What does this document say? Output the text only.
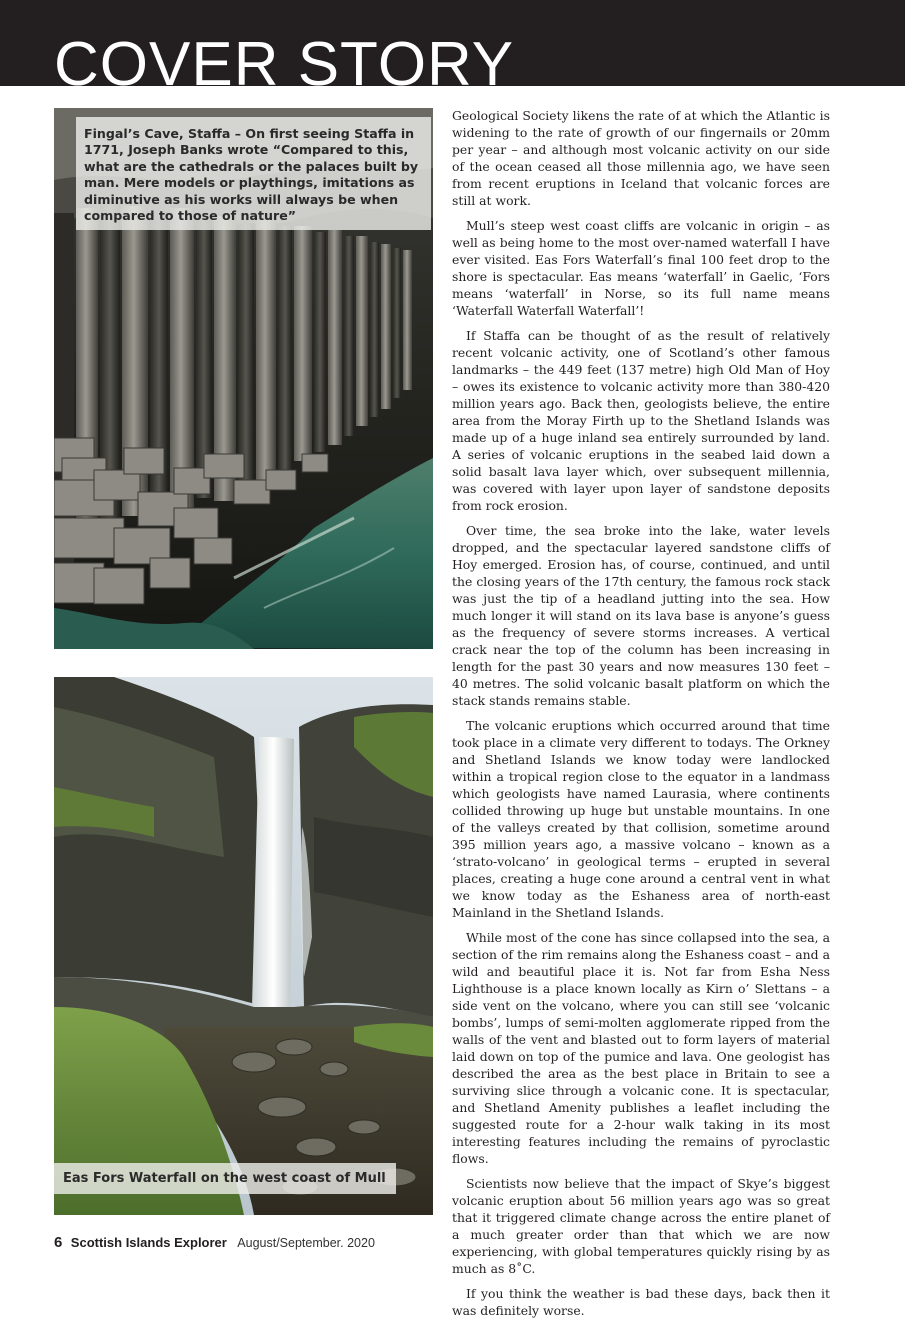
COVER STORY
Fingal’s Cave, Staffa – On first seeing Staffa in 1771, Joseph Banks wrote “Compared to this, what are the cathedrals or the palaces built by man. Mere models or playthings, imitations as diminutive as his works will always be when compared to those of nature”
Eas Fors Waterfall on the west coast of Mull

Geological Society likens the rate of at which the Atlantic is widening to the rate of growth of our fingernails or 20mm per year – and although most volcanic activity on our side of the ocean ceased all those millennia ago, we have seen from recent eruptions in Iceland that volcanic forces are still at work.

Mull’s steep west coast cliffs are volcanic in origin – as well as being home to the most over-named waterfall I have ever visited. Eas Fors Waterfall’s final 100 feet drop to the shore is spectacular. Eas means ‘waterfall’ in Gaelic, ‘Fors means ‘waterfall’ in Norse, so its full name means ‘Waterfall Waterfall Waterfall’!

If Staffa can be thought of as the result of relatively recent volcanic activity, one of Scotland’s other famous landmarks – the 449 feet (137 metre) high Old Man of Hoy – owes its existence to volcanic activity more than 380-420 million years ago. Back then, geologists believe, the entire area from the Moray Firth up to the Shetland Islands was made up of a huge inland sea entirely surrounded by land. A series of volcanic eruptions in the seabed laid down a solid basalt lava layer which, over subsequent millennia, was covered with layer upon layer of sandstone deposits from rock erosion.

Over time, the sea broke into the lake, water levels dropped, and the spectacular layered sandstone cliffs of Hoy emerged. Erosion has, of course, continued, and until the closing years of the 17th century, the famous rock stack was just the tip of a headland jutting into the sea. How much longer it will stand on its lava base is anyone’s guess as the frequency of severe storms increases. A vertical crack near the top of the column has been increasing in length for the past 30 years and now measures 130 feet – 40 metres. The solid volcanic basalt platform on which the stack stands remains stable.

The volcanic eruptions which occurred around that time took place in a climate very different to todays. The Orkney and Shetland Islands we know today were landlocked within a tropical region close to the equator in a landmass which geologists have named Laurasia, where continents collided throwing up huge but unstable mountains. In one of the valleys created by that collision, sometime around 395 million years ago, a massive volcano – known as a ‘strato-volcano’ in geological terms – erupted in several places, creating a huge cone around a central vent in what we know today as the Eshaness area of north-east Mainland in the Shetland Islands.

While most of the cone has since collapsed into the sea, a section of the rim remains along the Eshaness coast – and a wild and beautiful place it is. Not far from Esha Ness Lighthouse is a place known locally as Kirn o’ Slettans – a side vent on the volcano, where you can still see ‘volcanic bombs’, lumps of semi-molten agglomerate ripped from the walls of the vent and blasted out to form layers of material laid down on top of the pumice and lava. One geologist has described the area as the best place in Britain to see a surviving slice through a volcanic cone. It is spectacular, and Shetland Amenity publishes a leaflet including the suggested route for a 2-hour walk taking in its most interesting features including the remains of pyroclastic flows.

Scientists now believe that the impact of Skye’s biggest volcanic eruption about 56 million years ago was so great that it triggered climate change across the entire planet of a much greater order than that which we are now experiencing, with global temperatures quickly rising by as much as 8˚C.

If you think the weather is bad these days, back then it was definitely worse.

6 Scottish Islands Explorer August/September. 2020
